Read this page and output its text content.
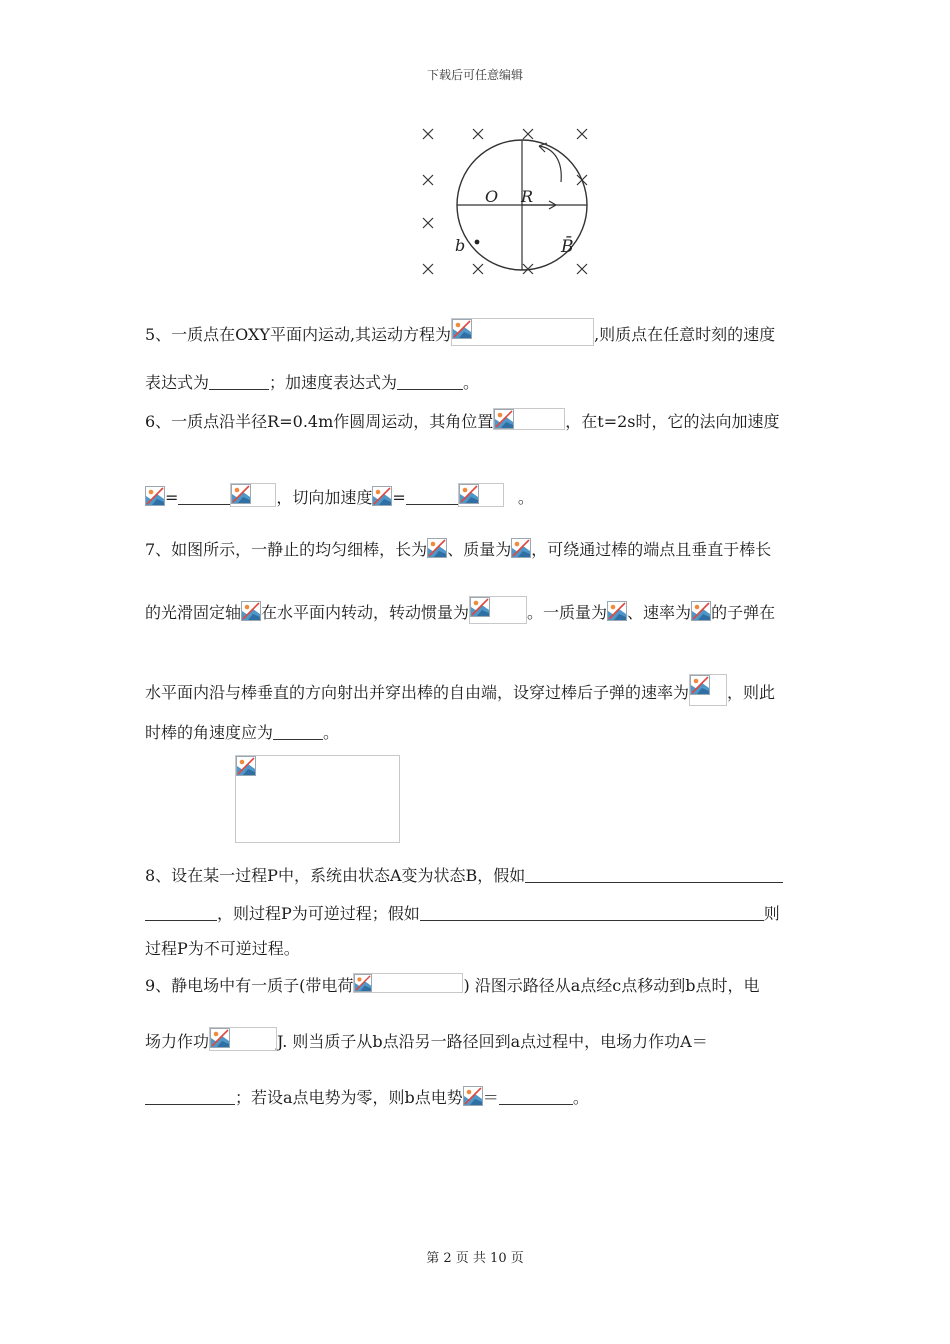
下载后可任意编辑
O R
b	B̄
5、一质点在OXY平面内运动,其运动方程为	,则质点在任意时刻的速度
表达式为	；加速度表达式为	。
6、一质点沿半径R=0.4m作圆周运动，其角位置	，在t=2s时，它的法向加速度
=	，切向加速度 =	。
7、如图所示，一静止的均匀细棒，长为 、质量为 ，可绕通过棒的端点且垂直于棒长
的光滑固定轴 在水平面内转动，转动惯量为	。一质量为 、速率为 的子弹在
水平面内沿与棒垂直的方向射出并穿出棒的自由端，设穿过棒后子弹的速率为 ，则此
时棒的角速度应为	。
8、设在某一过程P中，系统由状态A变为状态B，假如
，则过程P为可逆过程；假如	则
过程P为不可逆过程。
9、静电场中有一质子(带电荷	) 沿图示路径从a点经c点移动到b点时，电
场力作功	J. 则当质子从b点沿另一路径回到a点过程中，电场力作功A＝
；若设a点电势为零，则b点电势 ＝	。
第 2 页 共 10 页
